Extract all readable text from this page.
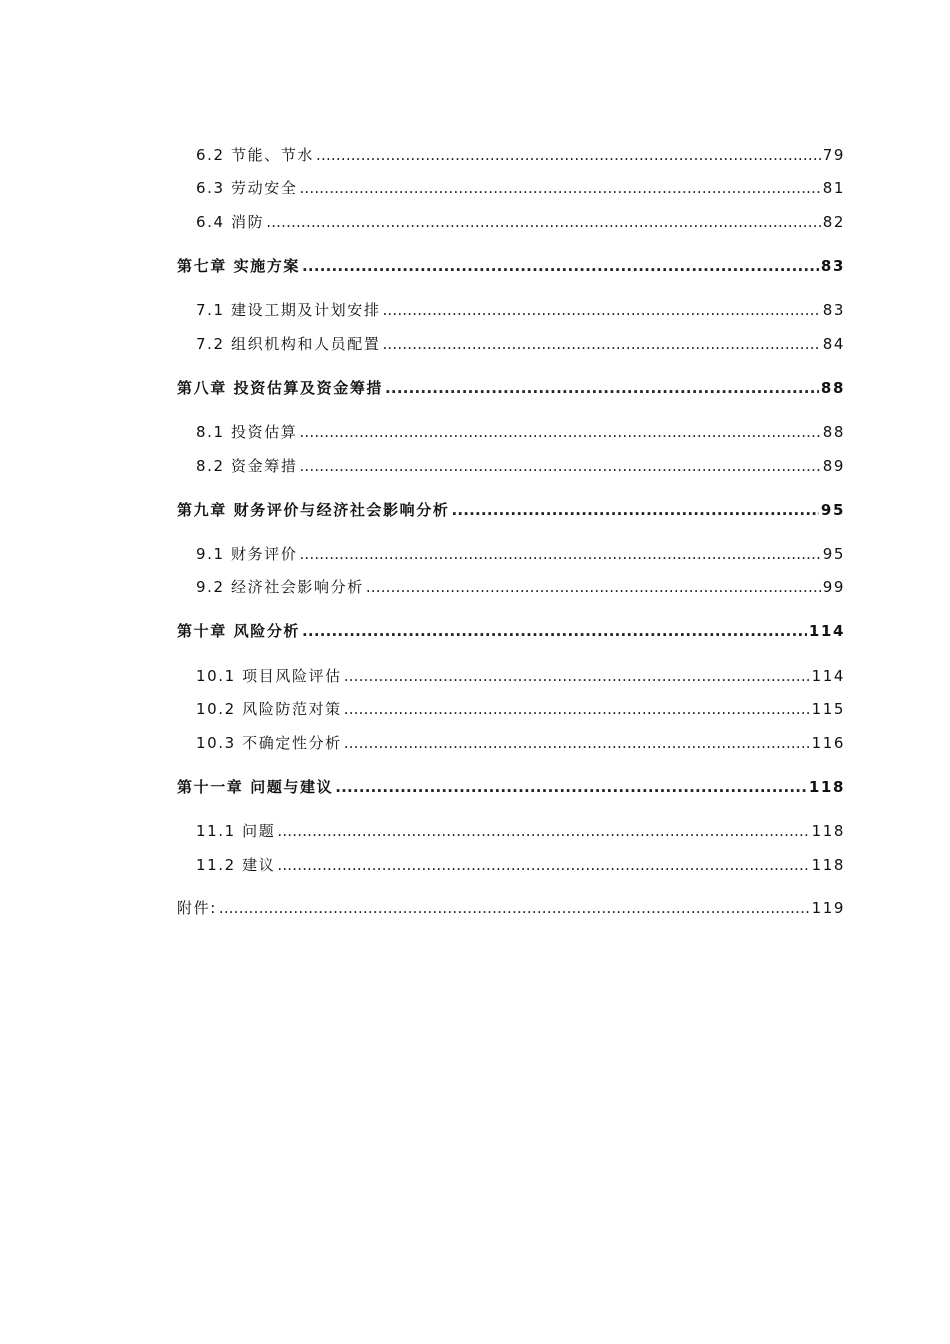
6.2 节能、节水 .....	79
6.3 劳动安全 .....	81
6.4 消防 .....	82
第七章 实施方案 .....	83
7.1 建设工期及计划安排 .....	83
7.2 组织机构和人员配置 .....	84
第八章 投资估算及资金筹措 .....	88
8.1 投资估算 .....	88
8.2 资金筹措 .....	89
第九章 财务评价与经济社会影响分析 .....	95
9.1 财务评价 .....	95
9.2 经济社会影响分析 .....	99
第十章 风险分析 .....	114
10.1 项目风险评估 .....	114
10.2 风险防范对策 .....	115
10.3 不确定性分析 .....	116
第十一章 问题与建议 .....	118
11.1 问题 .....	118
11.2 建议 .....	118
附件: .....	119
